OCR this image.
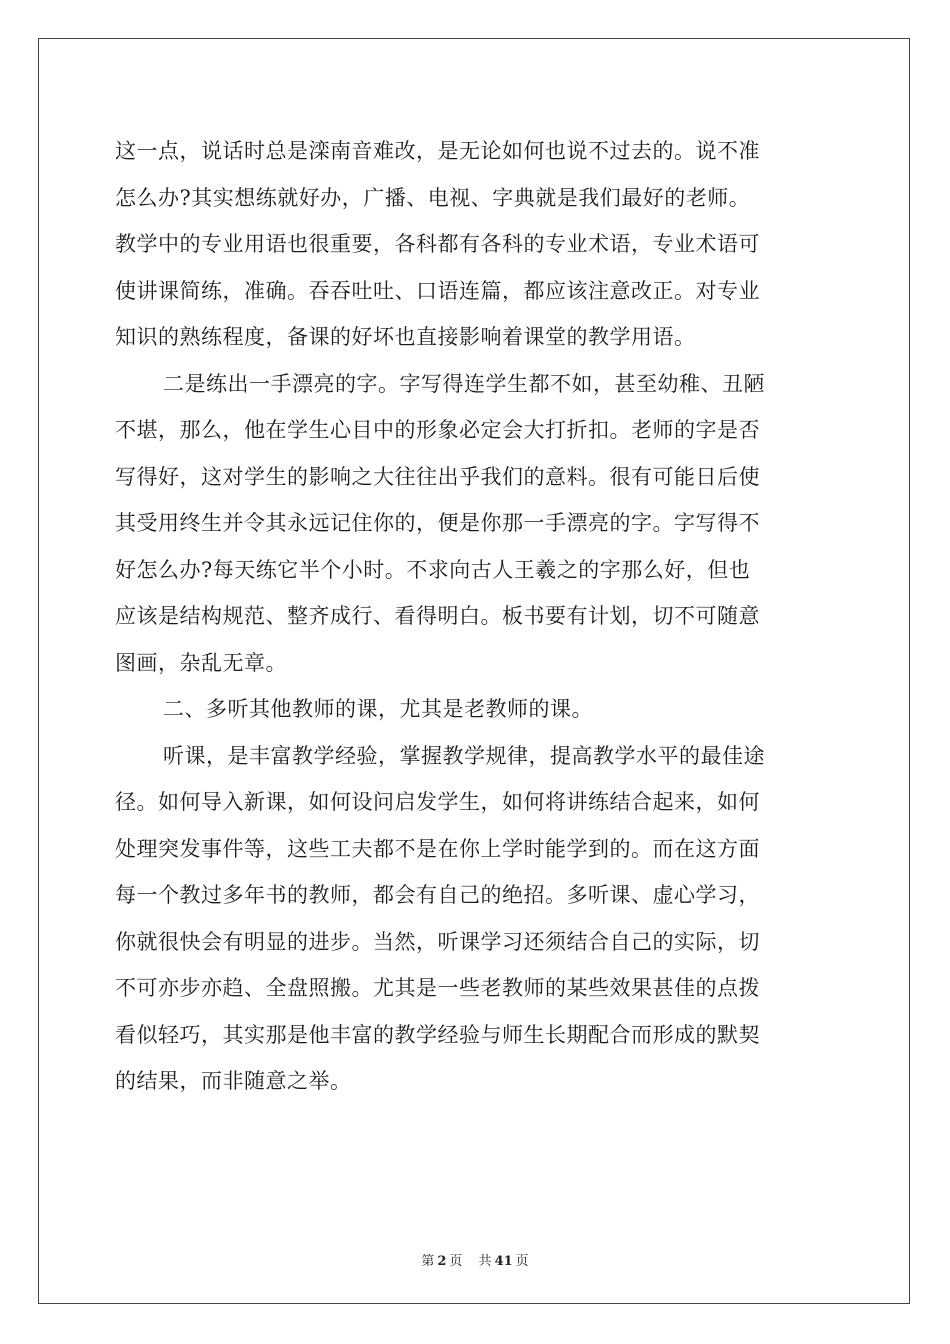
这一点，说话时总是滦南音难改，是无论如何也说不过去的。说不准
怎么办?其实想练就好办，广播、电视、字典就是我们最好的老师。
教学中的专业用语也很重要，各科都有各科的专业术语，专业术语可
使讲课简练，准确。吞吞吐吐、口语连篇，都应该注意改正。对专业
知识的熟练程度，备课的好坏也直接影响着课堂的教学用语。
二是练出一手漂亮的字。字写得连学生都不如，甚至幼稚、丑陋
不堪，那么，他在学生心目中的形象必定会大打折扣。老师的字是否
写得好，这对学生的影响之大往往出乎我们的意料。很有可能日后使
其受用终生并令其永远记住你的，便是你那一手漂亮的字。字写得不
好怎么办?每天练它半个小时。不求向古人王羲之的字那么好，但也
应该是结构规范、整齐成行、看得明白。板书要有计划，切不可随意
图画，杂乱无章。
二、多听其他教师的课，尤其是老教师的课。
听课，是丰富教学经验，掌握教学规律，提高教学水平的最佳途
径。如何导入新课，如何设问启发学生，如何将讲练结合起来，如何
处理突发事件等，这些工夫都不是在你上学时能学到的。而在这方面
每一个教过多年书的教师，都会有自己的绝招。多听课、虚心学习，
你就很快会有明显的进步。当然，听课学习还须结合自己的实际，切
不可亦步亦趋、全盘照搬。尤其是一些老教师的某些效果甚佳的点拨
看似轻巧，其实那是他丰富的教学经验与师生长期配合而形成的默契
的结果，而非随意之举。
第 2 页 共 41 页
